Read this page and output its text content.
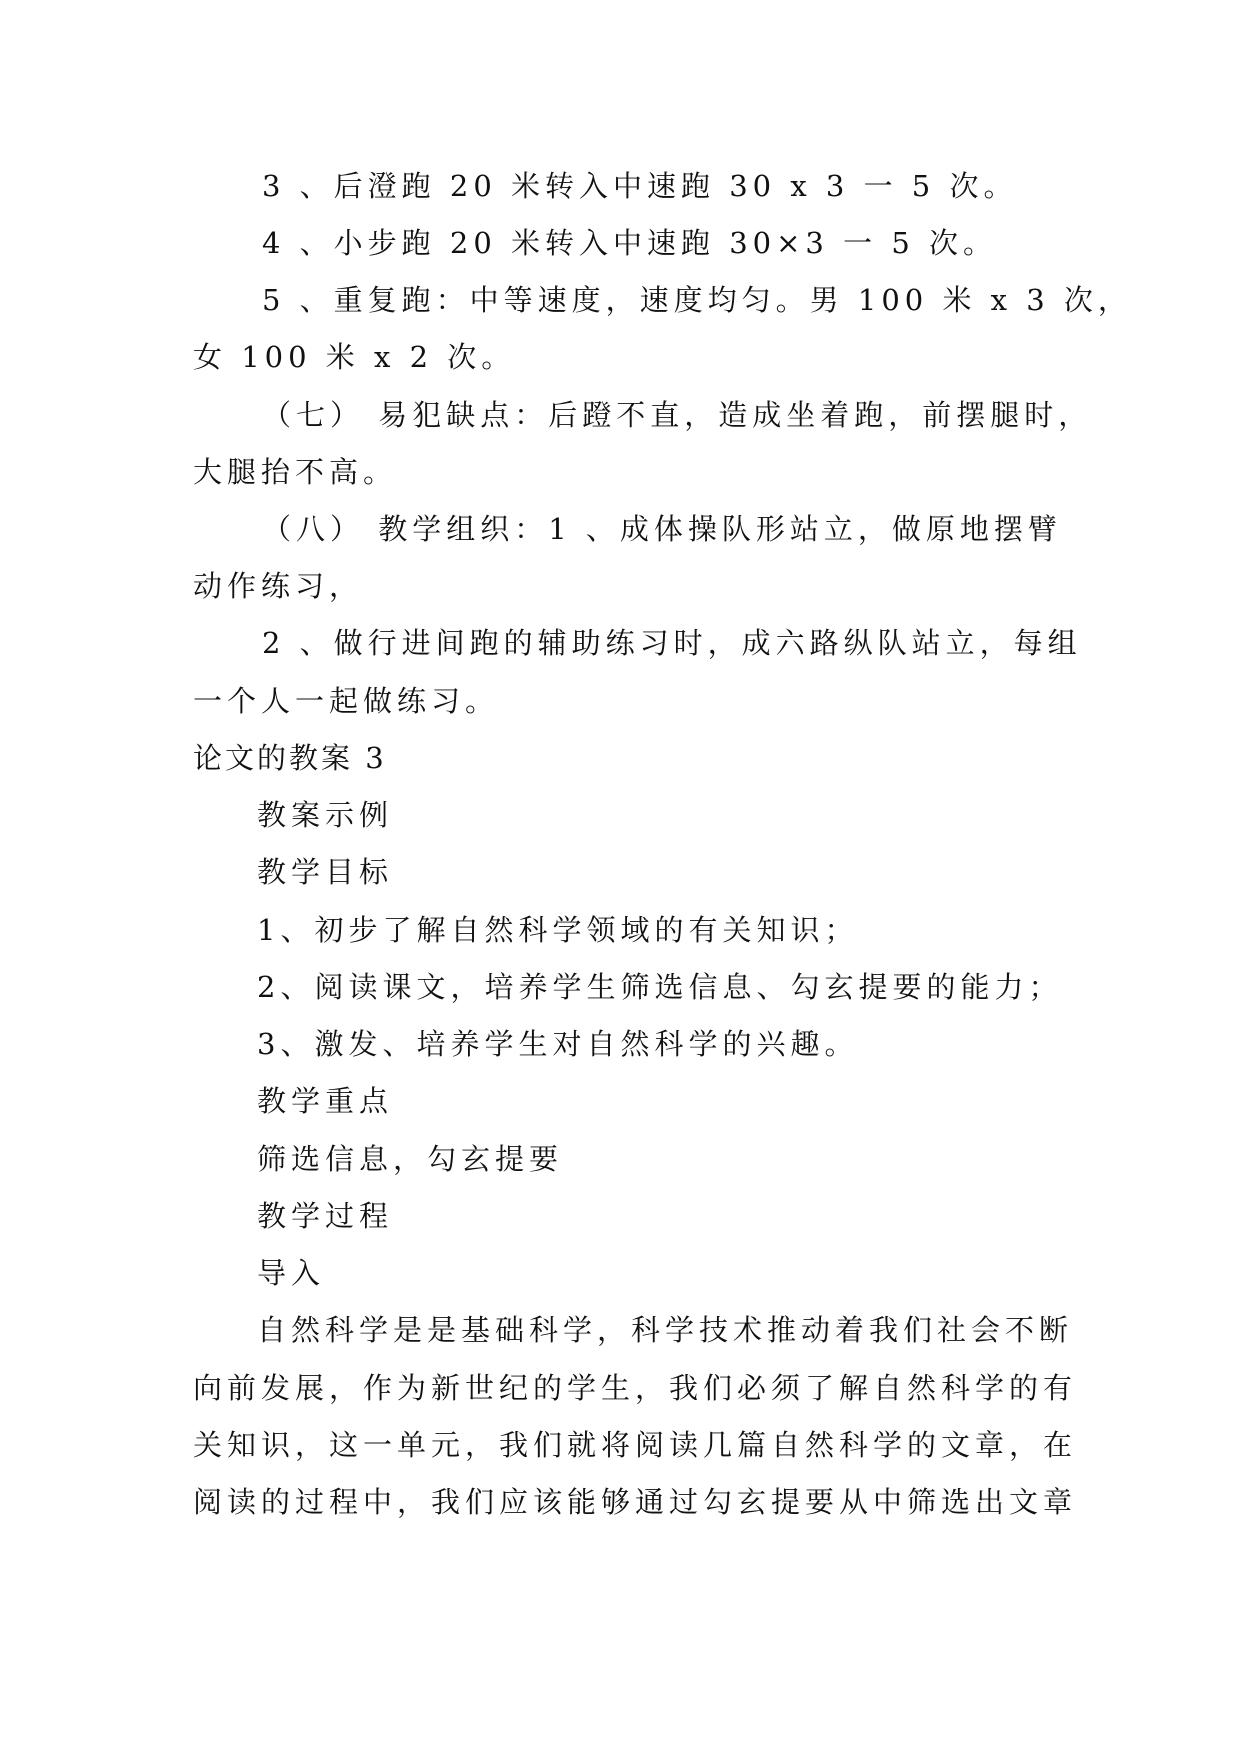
3 、后澄跑 20 米转入中速跑 30 x 3 一 5 次。
4 、小步跑 20 米转入中速跑 30×3 一 5 次。
5 、重复跑：中等速度，速度均匀。男 100 米 x 3 次，
女 100 米 x 2 次。
（七） 易犯缺点：后蹬不直，造成坐着跑，前摆腿时，
大腿抬不高。
（八） 教学组织：1 、成体操队形站立，做原地摆臂
动作练习，
2 、做行进间跑的辅助练习时，成六路纵队站立，每组
一个人一起做练习。
论文的教案 3
教案示例
教学目标
1、初步了解自然科学领域的有关知识；
2、阅读课文，培养学生筛选信息、勾玄提要的能力；
3、激发、培养学生对自然科学的兴趣。
教学重点
筛选信息，勾玄提要
教学过程
导入
自然科学是是基础科学，科学技术推动着我们社会不断
向前发展，作为新世纪的学生，我们必须了解自然科学的有
关知识，这一单元，我们就将阅读几篇自然科学的文章，在
阅读的过程中，我们应该能够通过勾玄提要从中筛选出文章
